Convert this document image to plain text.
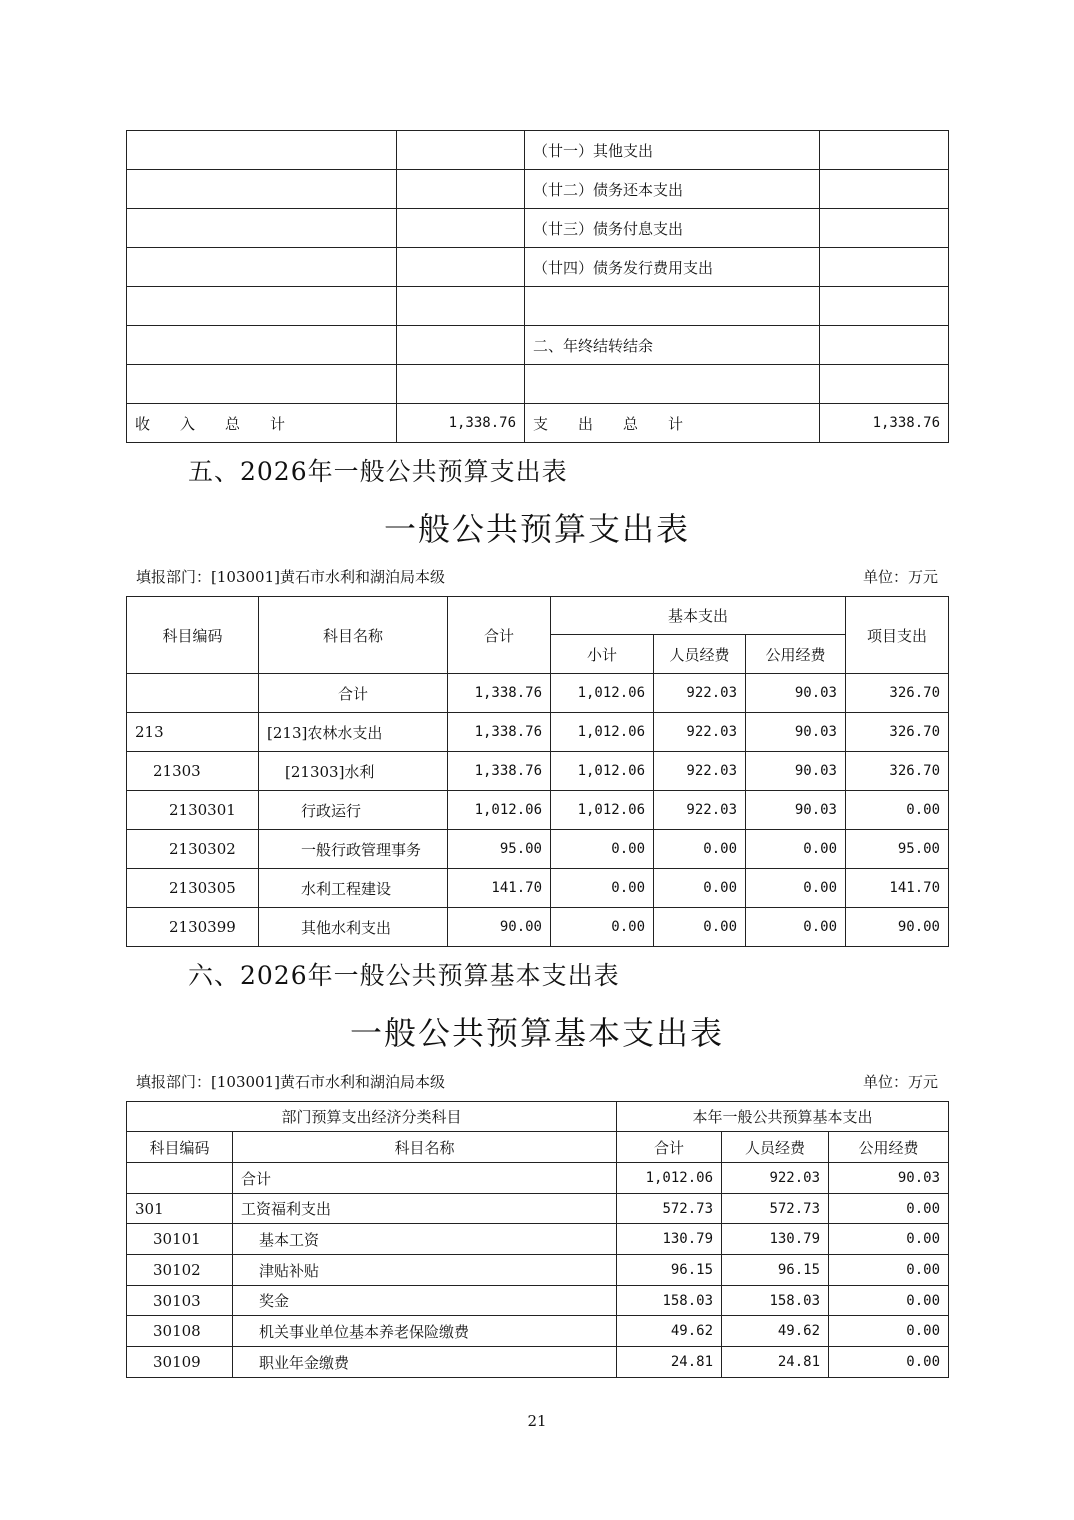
		（廿一）其他支出	
		（廿二）债务还本支出	
		（廿三）债务付息支出	
		（廿四）债务发行费用支出	

		二、年终结转结余	

收　　入　　总　　计	1,338.76	支　　出　　总　　计	1,338.76
五、2026年一般公共预算支出表
一般公共预算支出表
填报部门：[103001]黄石市水利和湖泊局本级	单位：万元
科目编码	科目名称	合计	基本支出			项目支出
			小计	人员经费	公用经费	
	合计	1,338.76	1,012.06	922.03	90.03	326.70
213	[213]农林水支出	1,338.76	1,012.06	922.03	90.03	326.70
21303	[21303]水利	1,338.76	1,012.06	922.03	90.03	326.70
2130301	行政运行	1,012.06	1,012.06	922.03	90.03	0.00
2130302	一般行政管理事务	95.00	0.00	0.00	0.00	95.00
2130305	水利工程建设	141.70	0.00	0.00	0.00	141.70
2130399	其他水利支出	90.00	0.00	0.00	0.00	90.00
六、2026年一般公共预算基本支出表
一般公共预算基本支出表
填报部门：[103001]黄石市水利和湖泊局本级	单位：万元
部门预算支出经济分类科目		本年一般公共预算基本支出		
科目编码	科目名称	合计	人员经费	公用经费
	合计	1,012.06	922.03	90.03
301	工资福利支出	572.73	572.73	0.00
30101	基本工资	130.79	130.79	0.00
30102	津贴补贴	96.15	96.15	0.00
30103	奖金	158.03	158.03	0.00
30108	机关事业单位基本养老保险缴费	49.62	49.62	0.00
30109	职业年金缴费	24.81	24.81	0.00
21
